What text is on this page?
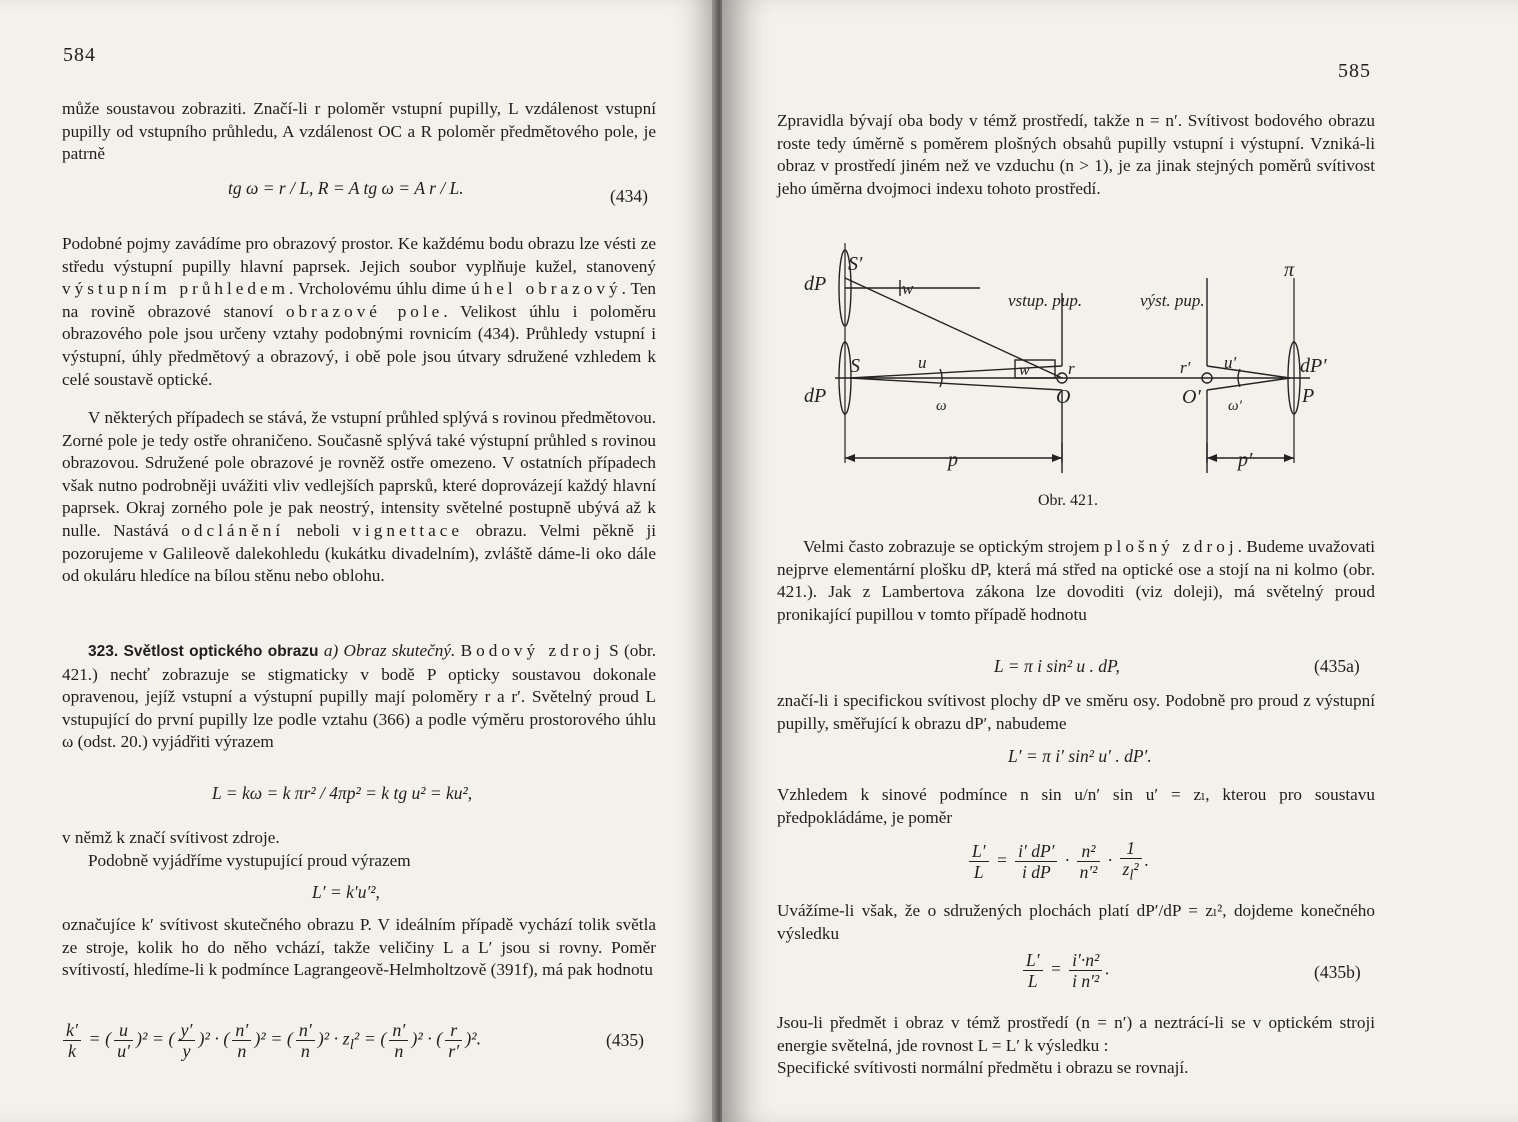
584

může soustavou zobraziti. Značí-li r poloměr vstupní pupilly, L vzdálenost vstupní pupilly od vstupního průhledu, A vzdálenost OC a R poloměr předmětového pole, je patrně

tg ω = r / L, R = A tg ω = A r / L.	(434)

Podobné pojmy zavádíme pro obrazový prostor. Ke každému bodu obrazu lze vésti ze středu výstupní pupilly hlavní paprsek. Jejich soubor vyplňuje kužel, stanovený výstupním průhledem. Vrcholovému úhlu dime úhel obrazový. Ten na rovině obrazové stanoví obrazové pole. Velikost úhlu i poloměru obrazového pole jsou určeny vztahy podobnými rovnicím (434). Průhledy vstupní i výstupní, úhly předmětový a obrazový, i obě pole jsou útvary sdružené vzhledem k celé soustavě optické.

V některých případech se stává, že vstupní průhled splývá s rovinou předmětovou. Zorné pole je tedy ostře ohraničeno. Současně splývá také výstupní průhled s rovinou obrazovou. Sdružené pole obrazové je rovněž ostře omezeno. V ostatních případech však nutno podrobněji uvážiti vliv vedlejších paprsků, které doprovázejí každý hlavní paprsek. Okraj zorného pole je pak neostrý, intensity světelné postupně ubývá až k nulle. Nastává odclánění neboli vignettace obrazu. Velmi pěkně ji pozorujeme v Galileově dalekohledu (kukátku divadelním), zvláště dáme-li oko dále od okuláru hledíce na bílou stěnu nebo oblohu.

323. Světlost optického obrazu a) Obraz skutečný. Bodový zdroj S (obr. 421.) nechť zobrazuje se stigmaticky v bodě P opticky soustavou dokonale opravenou, jejíž vstupní a výstupní pupilly mají poloměry r a r′. Světelný proud L vstupující do první pupilly lze podle vztahu (366) a podle výměru prostorového úhlu ω (odst. 20.) vyjádřiti výrazem

L = kω = k πr² / 4πp² = k tg u² = ku²,

v němž k značí svítivost zdroje.

Podobně vyjádříme vystupující proud výrazem

L′ = k′u′²,

označujíce k′ svítivost skutečného obrazu P. V ideálním případě vychází tolik světla ze stroje, kolik ho do něho vchází, takže veličiny L a L′ jsou si rovny. Poměr svítivostí, hledíme-li k podmínce Lagrangeově-Helmholtzově (391f), má pak hodnotu

$\frac{k'}{k}$ = ( $\frac{u}{u'} )^2$ = ( $\frac{y'}{y} )^2$ · ( $\frac{n'}{n} )^2$ = ( $\frac{n'}{n} )^2 \cdot z_l^2$ = ( $\frac{n'}{n} )^2$ · ( $\frac{r}{r'} )^2$.	(435)
585

Zpravidla bývají oba body v témž prostředí, takže n = n′. Svítivost bodového obrazu roste tedy úměrně s poměrem plošných obsahů pupilly vstupní i výstupní. Vzniká-li obraz v prostředí jiném než ve vzduchu (n > 1), je za jinak stejných poměrů svítivost jeho úměrna dvojmoci indexu tohoto prostředí.

S′
dP	w
vstup. pup.	výst. pup.
π
S
dP
u
ω
w r
O
r′
O′
u′
ω′
dP′
P
p	p′
Obr. 421.

Velmi často zobrazuje se optickým strojem plošný zdroj. Budeme uvažovati nejprve elementární plošku dP, která má střed na optické ose a stojí na ni kolmo (obr. 421.). Jak z Lambertova zákona lze dovoditi (viz doleji), má světelný proud pronikající pupillou v tomto případě hodnotu

L = π i sin² u . dP,	(435a)

značí-li i specifickou svítivost plochy dP ve směru osy. Podobně pro proud z výstupní pupilly, směřující k obrazu dP′, nabudeme

L′ = π i′ sin² u′ . dP′.

Vzhledem k sinové podmínce n sin u/n′ sin u′ = zₗ, kterou pro soustavu předpokládáme, je poměr

$\frac{L'}{L} = \frac{i' dP'}{\text{i dP}} \cdot \frac{\text{n²}}{\text{n′²}} \cdot \frac{1}{z_l^2}$ .

Uvážíme-li však, že o sdružených plochách platí dP′/dP = zₗ², dojdeme konečného výsledku

$\frac{L'}{L} = \frac{\text{i′·n²}}{\text{i n′²}}$ .	(435b)

Jsou-li předmět i obraz v témž prostředí (n = n′) a neztrácí-li se v optickém stroji energie světelná, jde rovnost L = L′ k výsledku :

Specifické svítivosti normální předmětu i obrazu se rovnají.
